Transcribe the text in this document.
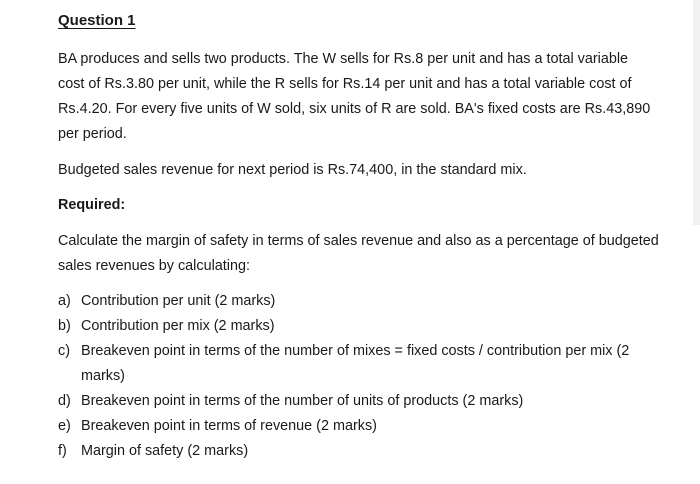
Question 1
BA produces and sells two products. The W sells for Rs.8 per unit and has a total variable
cost of Rs.3.80 per unit, while the R sells for Rs.14 per unit and has a total variable cost of
Rs.4.20. For every five units of W sold, six units of R are sold. BA's fixed costs are Rs.43,890
per period.
Budgeted sales revenue for next period is Rs.74,400, in the standard mix.
Required:
Calculate the margin of safety in terms of sales revenue and also as a percentage of budgeted
sales revenues by calculating:
a) Contribution per unit (2 marks)
b) Contribution per mix (2 marks)
c) Breakeven point in terms of the number of mixes = fixed costs / contribution per mix (2
marks)
d) Breakeven point in terms of the number of units of products (2 marks)
e) Breakeven point in terms of revenue (2 marks)
f) Margin of safety (2 marks)
